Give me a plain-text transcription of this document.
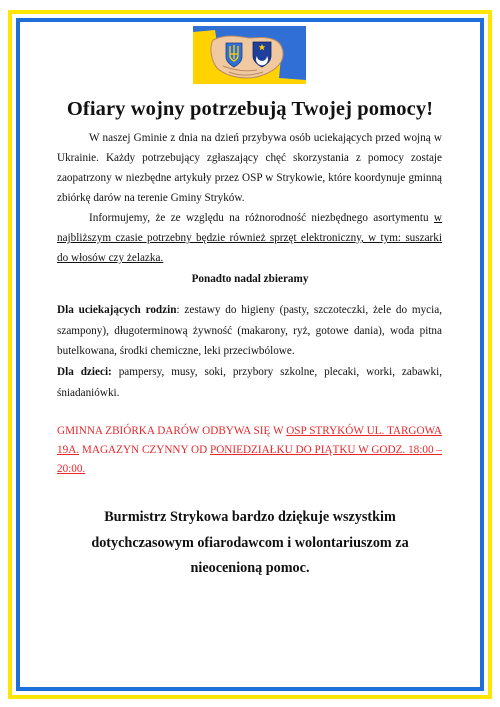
Ofiary wojny potrzebują Twojej pomocy!

W naszej Gminie z dnia na dzień przybywa osób uciekających przed wojną w Ukrainie. Każdy potrzebujący zgłaszający chęć skorzystania z pomocy zostaje zaopatrzony w niezbędne artykuły przez OSP w Strykowie, które koordynuje gminną zbiórkę darów na terenie Gminy Stryków.

Informujemy, że ze względu na różnorodność niezbędnego asortymentu w najbliższym czasie potrzebny będzie również sprzęt elektroniczny, w tym: suszarki do włosów czy żelazka.

Ponadto nadal zbieramy

Dla uciekających rodzin: zestawy do higieny (pasty, szczoteczki, żele do mycia, szampony), długoterminową żywność (makarony, ryż, gotowe dania), woda pitna butelkowana, środki chemiczne, leki przeciwbólowe.

Dla dzieci: pampersy, musy, soki, przybory szkolne, plecaki, worki, zabawki, śniadaniówki.

GMINNA ZBIÓRKA DARÓW ODBYWA SIĘ W OSP STRYKÓW UL. TARGOWA 19A. MAGAZYN CZYNNY OD PONIEDZIAŁKU DO PIĄTKU W GODZ. 18:00 – 20:00.

Burmistrz Strykowa bardzo dziękuje wszystkim dotychczasowym ofiarodawcom i wolontariuszom za nieocenioną pomoc.
